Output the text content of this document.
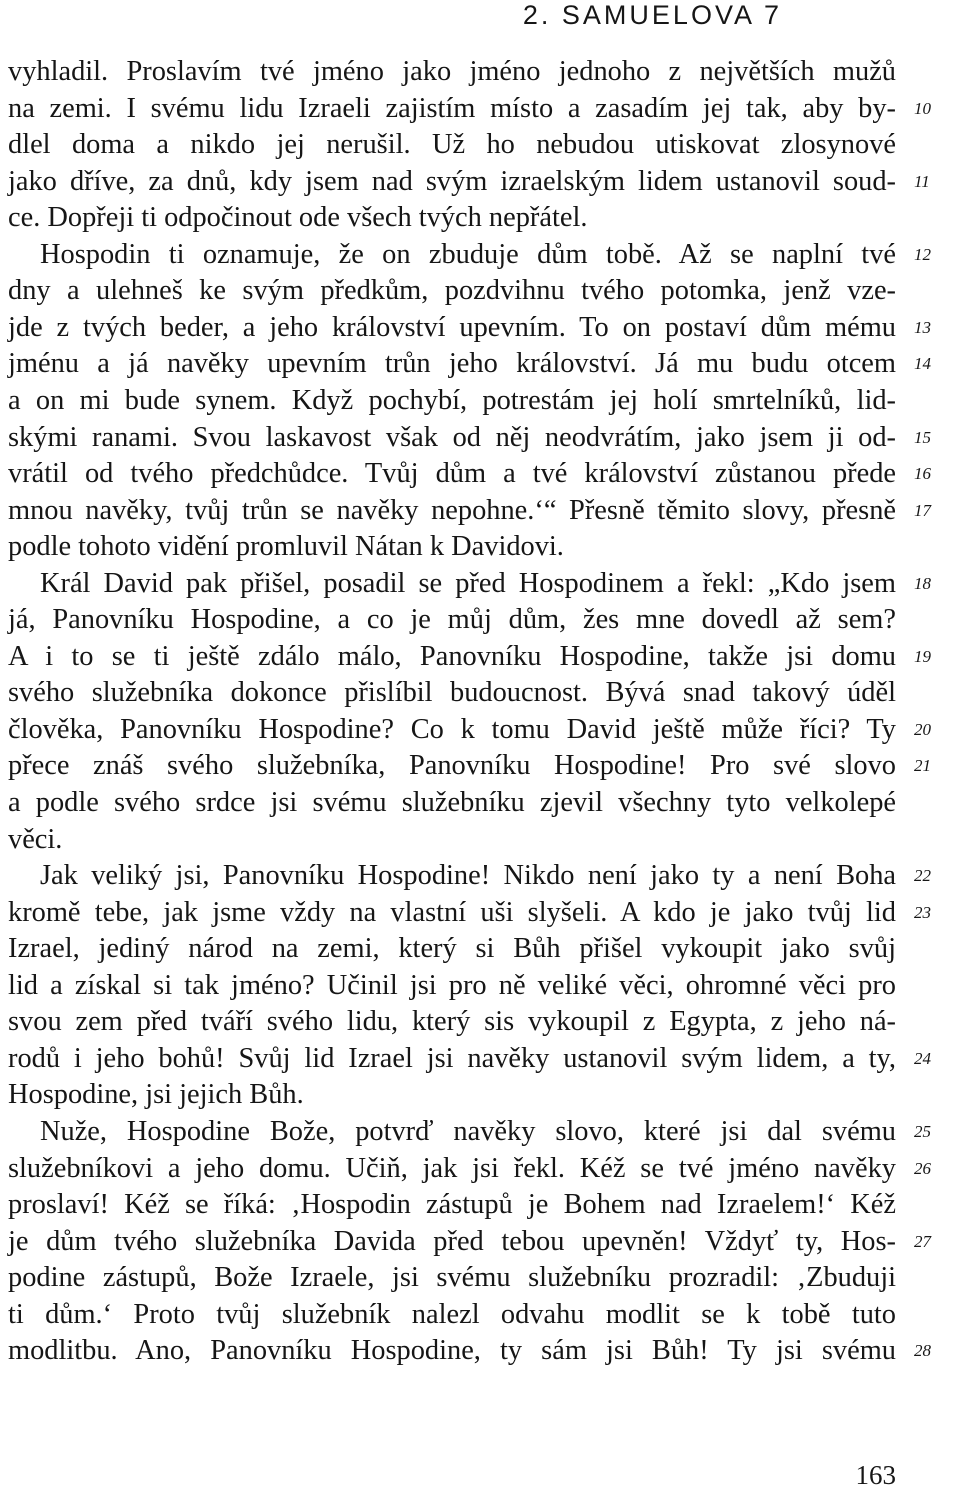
2. SAMUELOVA 7
vyhladil. Proslavím tvé jméno jako jméno jednoho z největších mužů
na zemi. I svému lidu Izraeli zajistím místo a zasadím jej tak, aby by- 10
dlel doma a nikdo jej nerušil. Už ho nebudou utiskovat zlosynové
jako dříve, za dnů, kdy jsem nad svým izraelským lidem ustanovil soud- 11
ce. Dopřeji ti odpočinout ode všech tvých nepřátel.
Hospodin ti oznamuje, že on zbuduje dům tobě. Až se naplní tvé 12
dny a ulehneš ke svým předkům, pozdvihnu tvého potomka, jenž vze-
jde z tvých beder, a jeho království upevním. To on postaví dům mému 13
jménu a já navěky upevním trůn jeho království. Já mu budu otcem 14
a on mi bude synem. Když pochybí, potrestám jej holí smrtelníků, lid-
skými ranami. Svou laskavost však od něj neodvrátím, jako jsem ji od- 15
vrátil od tvého předchůdce. Tvůj dům a tvé království zůstanou přede 16
mnou navěky, tvůj trůn se navěky nepohne.‘“ Přesně těmito slovy, přesně 17
podle tohoto vidění promluvil Nátan k Davidovi.
Král David pak přišel, posadil se před Hospodinem a řekl: „Kdo jsem 18
já, Panovníku Hospodine, a co je můj dům, žes mne dovedl až sem?
A i to se ti ještě zdálo málo, Panovníku Hospodine, takže jsi domu 19
svého služebníka dokonce přislíbil budoucnost. Bývá snad takový úděl
člověka, Panovníku Hospodine? Co k tomu David ještě může říci? Ty 20
přece znáš svého služebníka, Panovníku Hospodine! Pro své slovo 21
a podle svého srdce jsi svému služebníku zjevil všechny tyto velkolepé
věci.
Jak veliký jsi, Panovníku Hospodine! Nikdo není jako ty a není Boha 22
kromě tebe, jak jsme vždy na vlastní uši slyšeli. A kdo je jako tvůj lid 23
Izrael, jediný národ na zemi, který si Bůh přišel vykoupit jako svůj
lid a získal si tak jméno? Učinil jsi pro ně veliké věci, ohromné věci pro
svou zem před tváří svého lidu, který sis vykoupil z Egypta, z jeho ná-
rodů i jeho bohů! Svůj lid Izrael jsi navěky ustanovil svým lidem, a ty, 24
Hospodine, jsi jejich Bůh.
Nuže, Hospodine Bože, potvrď navěky slovo, které jsi dal svému 25
služebníkovi a jeho domu. Učiň, jak jsi řekl. Kéž se tvé jméno navěky 26
proslaví! Kéž se říká: ‚Hospodin zástupů je Bohem nad Izraelem!‘ Kéž
je dům tvého služebníka Davida před tebou upevněn! Vždyť ty, Hos- 27
podine zástupů, Bože Izraele, jsi svému služebníku prozradil: ‚Zbuduji
ti dům.‘ Proto tvůj služebník nalezl odvahu modlit se k tobě tuto
modlitbu. Ano, Panovníku Hospodine, ty sám jsi Bůh! Ty jsi svému 28
163
